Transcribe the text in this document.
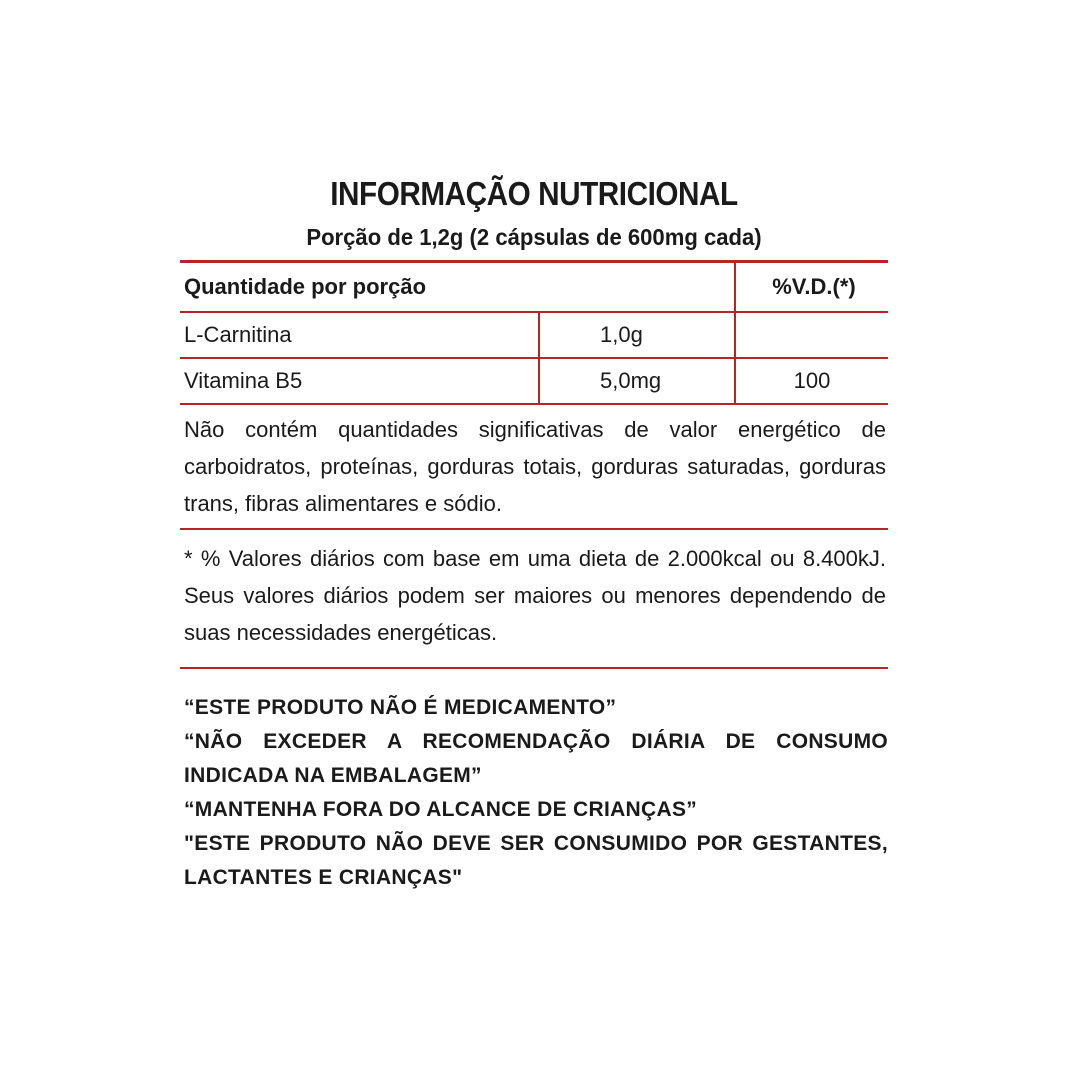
INFORMAÇÃO NUTRICIONAL
Porção de 1,2g (2 cápsulas de 600mg cada)
Quantidade por porção		%V.D.(*)
L-Carnitina	1,0g	
Vitamina B5	5,0mg	100
Não contém quantidades significativas de valor energético de carboidratos, proteínas, gorduras totais, gorduras saturadas, gorduras trans, fibras alimentares e sódio.
* % Valores diários com base em uma dieta de 2.000kcal ou 8.400kJ. Seus valores diários podem ser maiores ou menores dependendo de suas necessidades energéticas.
“ESTE PRODUTO NÃO É MEDICAMENTO”
“NÃO EXCEDER A RECOMENDAÇÃO DIÁRIA DE CONSUMO INDICADA NA EMBALAGEM”
“MANTENHA FORA DO ALCANCE DE CRIANÇAS”
"ESTE PRODUTO NÃO DEVE SER CONSUMIDO POR GESTANTES, LACTANTES E CRIANÇAS"
